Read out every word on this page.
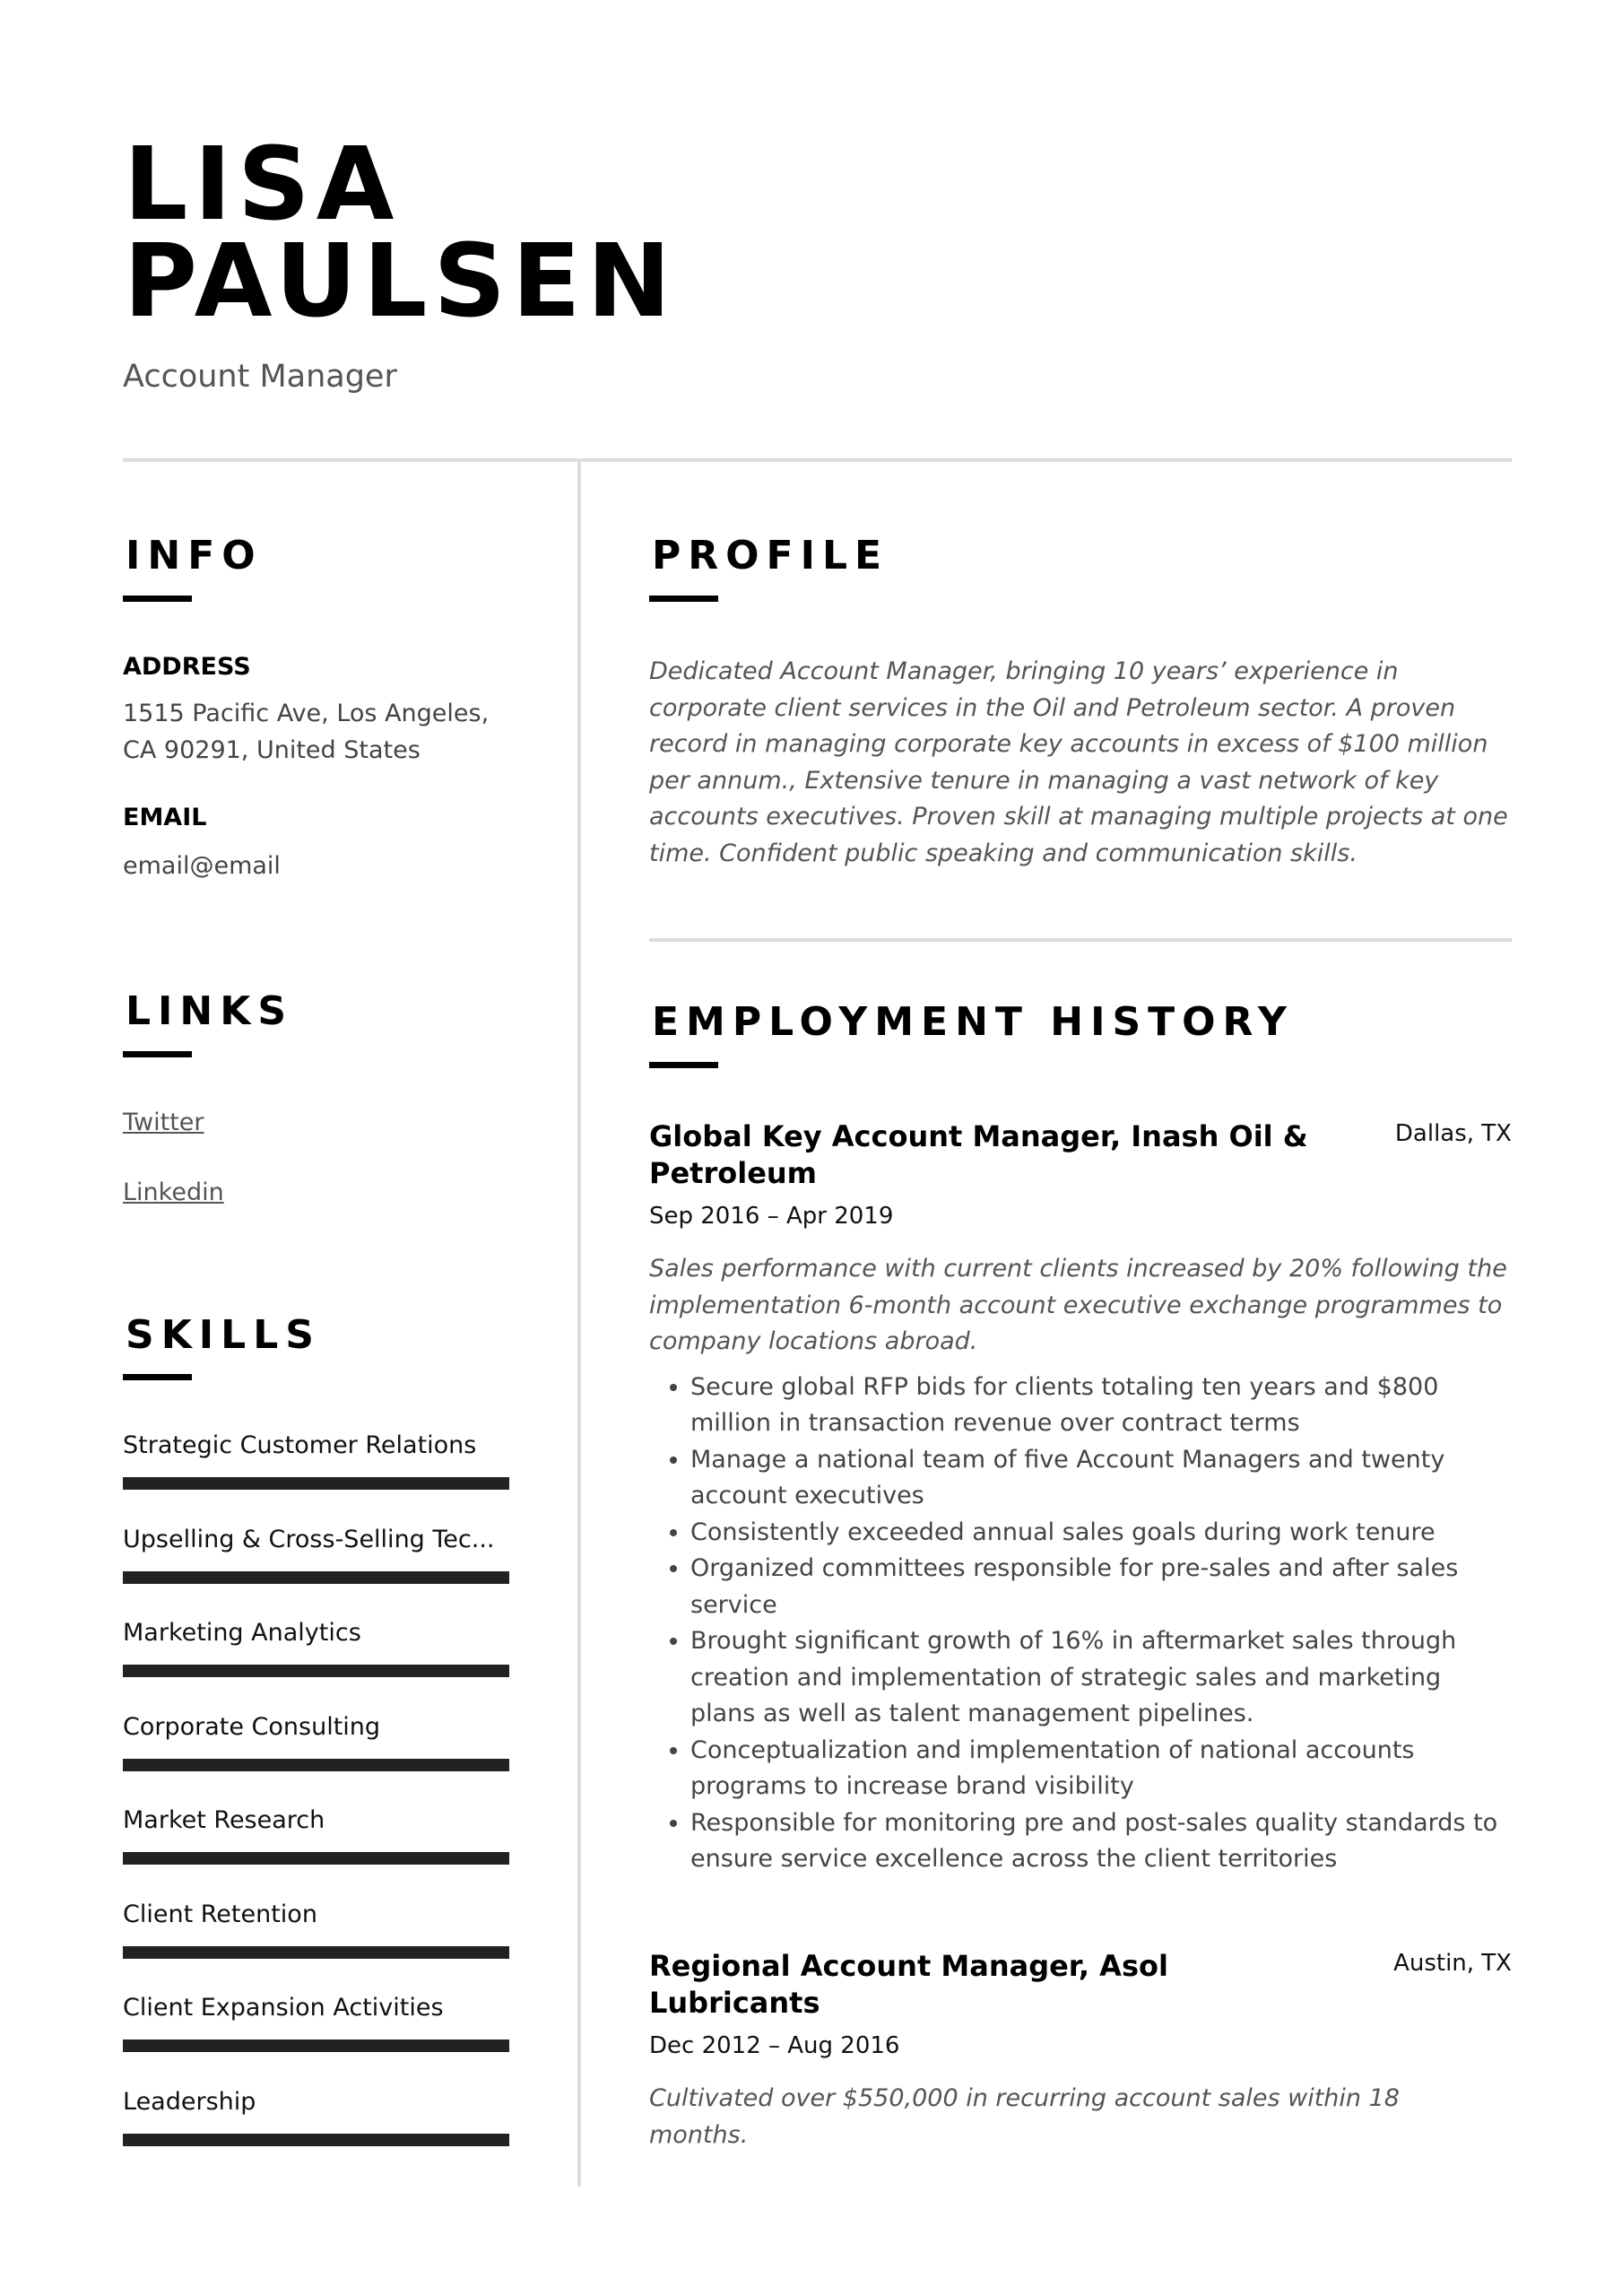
LISA
PAULSEN
Account Manager
INFO
ADDRESS
1515 Pacific Ave, Los Angeles,
CA 90291, United States
EMAIL
email@email
LINKS
Twitter
Linkedin
SKILLS
Strategic Customer Relations
Upselling & Cross-Selling Tec...
Marketing Analytics
Corporate Consulting
Market Research
Client Retention
Client Expansion Activities
Leadership
PROFILE
Dedicated Account Manager, bringing 10 years’ experience in corporate client services in the Oil and Petroleum sector. A proven record in managing corporate key accounts in excess of $100 million per annum., Extensive tenure in managing a vast network of key accounts executives. Proven skill at managing multiple projects at one time. Confident public speaking and communication skills.
EMPLOYMENT HISTORY
Global Key Account Manager, Inash Oil & Petroleum
Dallas, TX
Sep 2016 – Apr 2019
Sales performance with current clients increased by 20% following the implementation 6-month account executive exchange programmes to company locations abroad.
• Secure global RFP bids for clients totaling ten years and $800 million in transaction revenue over contract terms
• Manage a national team of five Account Managers and twenty account executives
• Consistently exceeded annual sales goals during work tenure
• Organized committees responsible for pre-sales and after sales service
• Brought significant growth of 16% in aftermarket sales through creation and implementation of strategic sales and marketing plans as well as talent management pipelines.
• Conceptualization and implementation of national accounts programs to increase brand visibility
• Responsible for monitoring pre and post-sales quality standards to ensure service excellence across the client territories
Regional Account Manager, Asol Lubricants
Austin, TX
Dec 2012 – Aug 2016
Cultivated over $550,000 in recurring account sales within 18 months.
